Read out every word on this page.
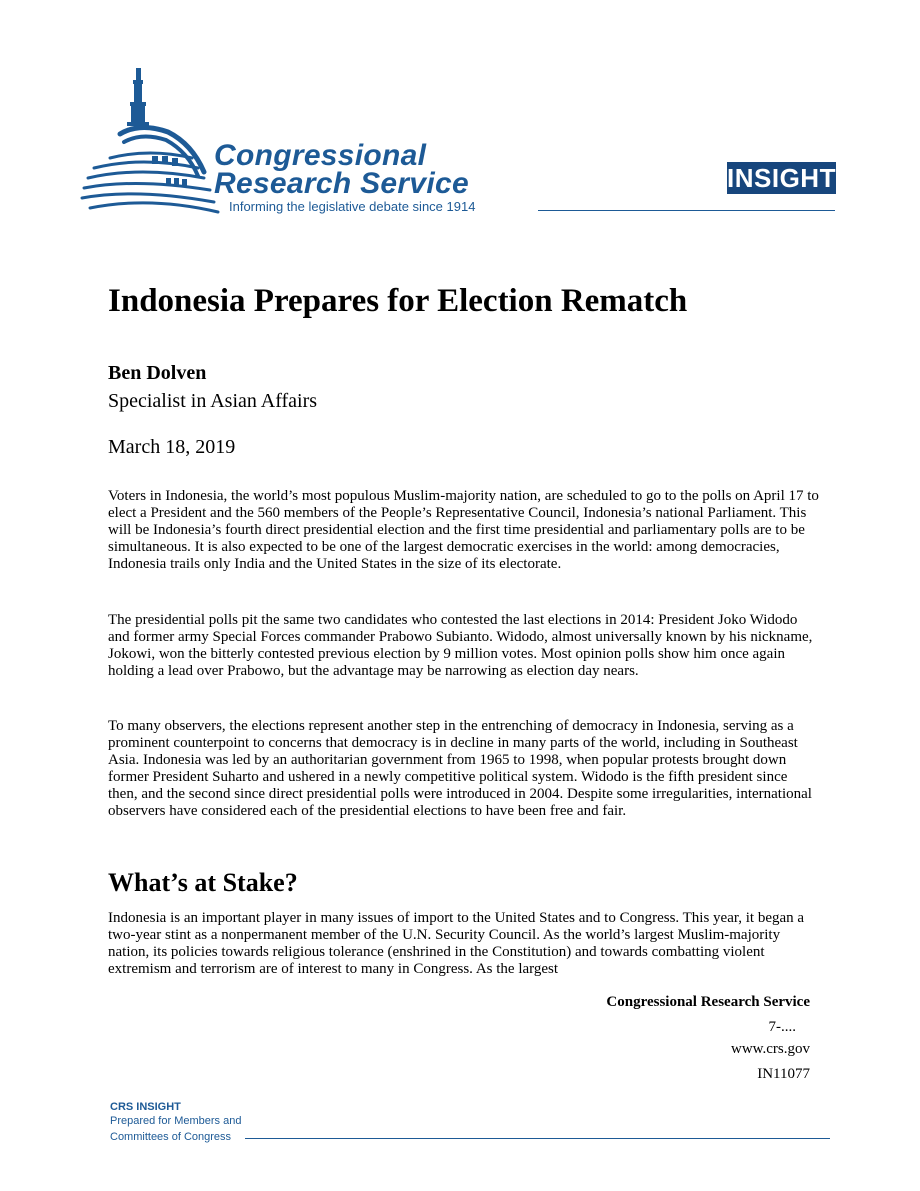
Congressional
Research Service
Informing the legislative debate since 1914
INSIGHT
Indonesia Prepares for Election Rematch
Ben Dolven
Specialist in Asian Affairs
March 18, 2019

Voters in Indonesia, the world’s most populous Muslim-majority nation, are scheduled to go to the polls on April 17 to elect a President and the 560 members of the People’s Representative Council, Indonesia’s national Parliament. This will be Indonesia’s fourth direct presidential election and the first time presidential and parliamentary polls are to be simultaneous. It is also expected to be one of the largest democratic exercises in the world: among democracies, Indonesia trails only India and the United States in the size of its electorate.

The presidential polls pit the same two candidates who contested the last elections in 2014: President Joko Widodo and former army Special Forces commander Prabowo Subianto. Widodo, almost universally known by his nickname, Jokowi, won the bitterly contested previous election by 9 million votes. Most opinion polls show him once again holding a lead over Prabowo, but the advantage may be narrowing as election day nears.

To many observers, the elections represent another step in the entrenching of democracy in Indonesia, serving as a prominent counterpoint to concerns that democracy is in decline in many parts of the world, including in Southeast Asia. Indonesia was led by an authoritarian government from 1965 to 1998, when popular protests brought down former President Suharto and ushered in a newly competitive political system. Widodo is the fifth president since then, and the second since direct presidential polls were introduced in 2004. Despite some irregularities, international observers have considered each of the presidential elections to have been free and fair.

What’s at Stake?

Indonesia is an important player in many issues of import to the United States and to Congress. This year, it began a two-year stint as a nonpermanent member of the U.N. Security Council. As the world’s largest Muslim-majority nation, its policies towards religious tolerance (enshrined in the Constitution) and towards combatting violent extremism and terrorism are of interest to many in Congress. As the largest

Congressional Research Service
7-....
www.crs.gov
IN11077
CRS INSIGHT
Prepared for Members and
Committees of Congress
